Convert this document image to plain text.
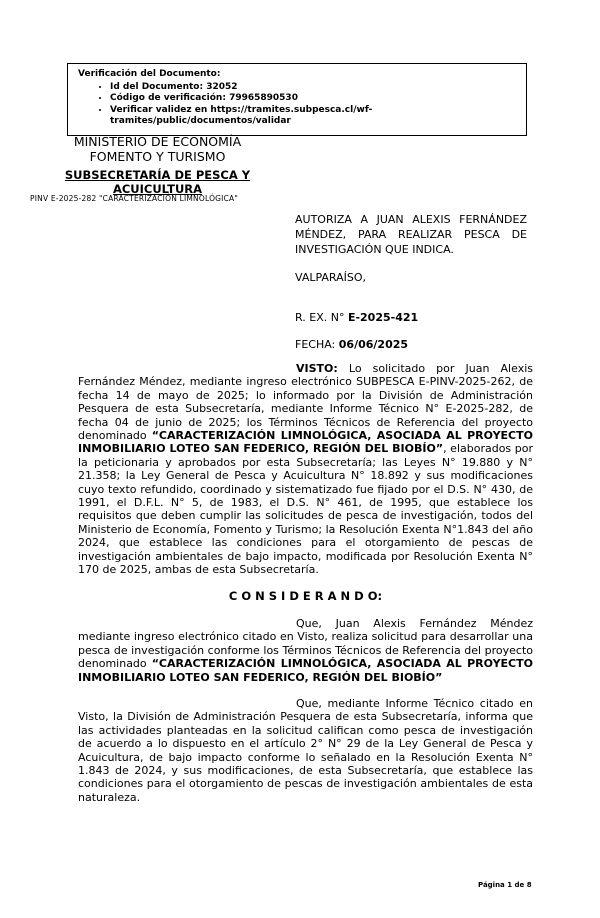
Verificación del Documento:
• Id del Documento: 32052
• Código de verificación: 79965890530
• Verificar validez en https://tramites.subpesca.cl/wf-tramites/public/documentos/validar
MINISTERIO DE ECONOMÍA
FOMENTO Y TURISMO
SUBSECRETARÍA DE PESCA Y
ACUICULTURA
PINV E-2025-282 "CARACTERIZACIÓN LIMNOLÓGICA"
AUTORIZA A JUAN ALEXIS FERNÁNDEZ MÉNDEZ, PARA REALIZAR PESCA DE INVESTIGACIÓN QUE INDICA.
VALPARAÍSO,
R. EX. N° E-2025-421
FECHA: 06/06/2025

VISTO: Lo solicitado por Juan Alexis Fernández Méndez, mediante ingreso electrónico SUBPESCA E-PINV-2025-262, de fecha 14 de mayo de 2025; lo informado por la División de Administración Pesquera de esta Subsecretaría, mediante Informe Técnico N° E-2025-282, de fecha 04 de junio de 2025; los Términos Técnicos de Referencia del proyecto denominado “CARACTERIZACIÓN LIMNOLÓGICA, ASOCIADA AL PROYECTO INMOBILIARIO LOTEO SAN FEDERICO, REGIÓN DEL BIOBÍO”, elaborados por la peticionaria y aprobados por esta Subsecretaría; las Leyes N° 19.880 y N° 21.358; la Ley General de Pesca y Acuicultura N° 18.892 y sus modificaciones cuyo texto refundido, coordinado y sistematizado fue fijado por el D.S. N° 430, de 1991, el D.F.L. N° 5, de 1983, el D.S. N° 461, de 1995, que establece los requisitos que deben cumplir las solicitudes de pesca de investigación, todos del Ministerio de Economía, Fomento y Turismo; la Resolución Exenta N°1.843 del año 2024, que establece las condiciones para el otorgamiento de pescas de investigación ambientales de bajo impacto, modificada por Resolución Exenta N° 170 de 2025, ambas de esta Subsecretaría.

C O N S I D E R A N D O:

Que, Juan Alexis Fernández Méndez mediante ingreso electrónico citado en Visto, realiza solicitud para desarrollar una pesca de investigación conforme los Términos Técnicos de Referencia del proyecto denominado “CARACTERIZACIÓN LIMNOLÓGICA, ASOCIADA AL PROYECTO INMOBILIARIO LOTEO SAN FEDERICO, REGIÓN DEL BIOBÍO”

Que, mediante Informe Técnico citado en Visto, la División de Administración Pesquera de esta Subsecretaría, informa que las actividades planteadas en la solicitud califican como pesca de investigación de acuerdo a lo dispuesto en el artículo 2° N° 29 de la Ley General de Pesca y Acuicultura, de bajo impacto conforme lo señalado en la Resolución Exenta N° 1.843 de 2024, y sus modificaciones, de esta Subsecretaría, que establece las condiciones para el otorgamiento de pescas de investigación ambientales de esta naturaleza.

Página 1 de 8
